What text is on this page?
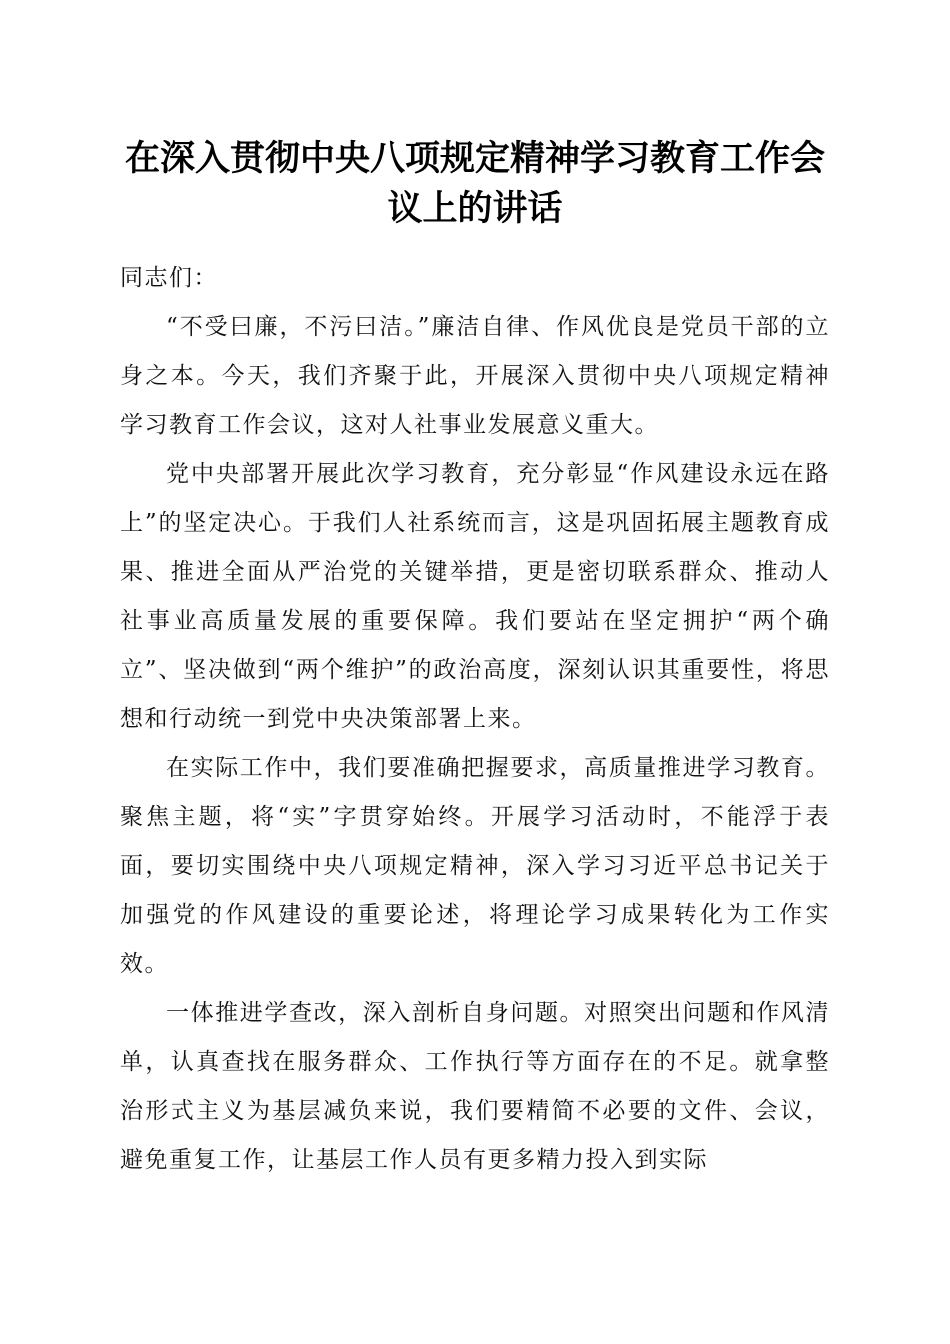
在深入贯彻中央八项规定精神学习教育工作会议上的讲话

同志们：

“不受曰廉，不污曰洁。”廉洁自律、作风优良是党员干部的立身之本。今天，我们齐聚于此，开展深入贯彻中央八项规定精神学习教育工作会议，这对人社事业发展意义重大。

党中央部署开展此次学习教育，充分彰显“作风建设永远在路上”的坚定决心。于我们人社系统而言，这是巩固拓展主题教育成果、推进全面从严治党的关键举措，更是密切联系群众、推动人社事业高质量发展的重要保障。我们要站在坚定拥护“两个确立”、坚决做到“两个维护”的政治高度，深刻认识其重要性，将思想和行动统一到党中央决策部署上来。

在实际工作中，我们要准确把握要求，高质量推进学习教育。聚焦主题，将“实”字贯穿始终。开展学习活动时，不能浮于表面，要切实围绕中央八项规定精神，深入学习习近平总书记关于加强党的作风建设的重要论述，将理论学习成果转化为工作实效。

一体推进学查改，深入剖析自身问题。对照突出问题和作风清单，认真查找在服务群众、工作执行等方面存在的不足。就拿整治形式主义为基层减负来说，我们要精简不必要的文件、会议，避免重复工作，让基层工作人员有更多精力投入到实际
